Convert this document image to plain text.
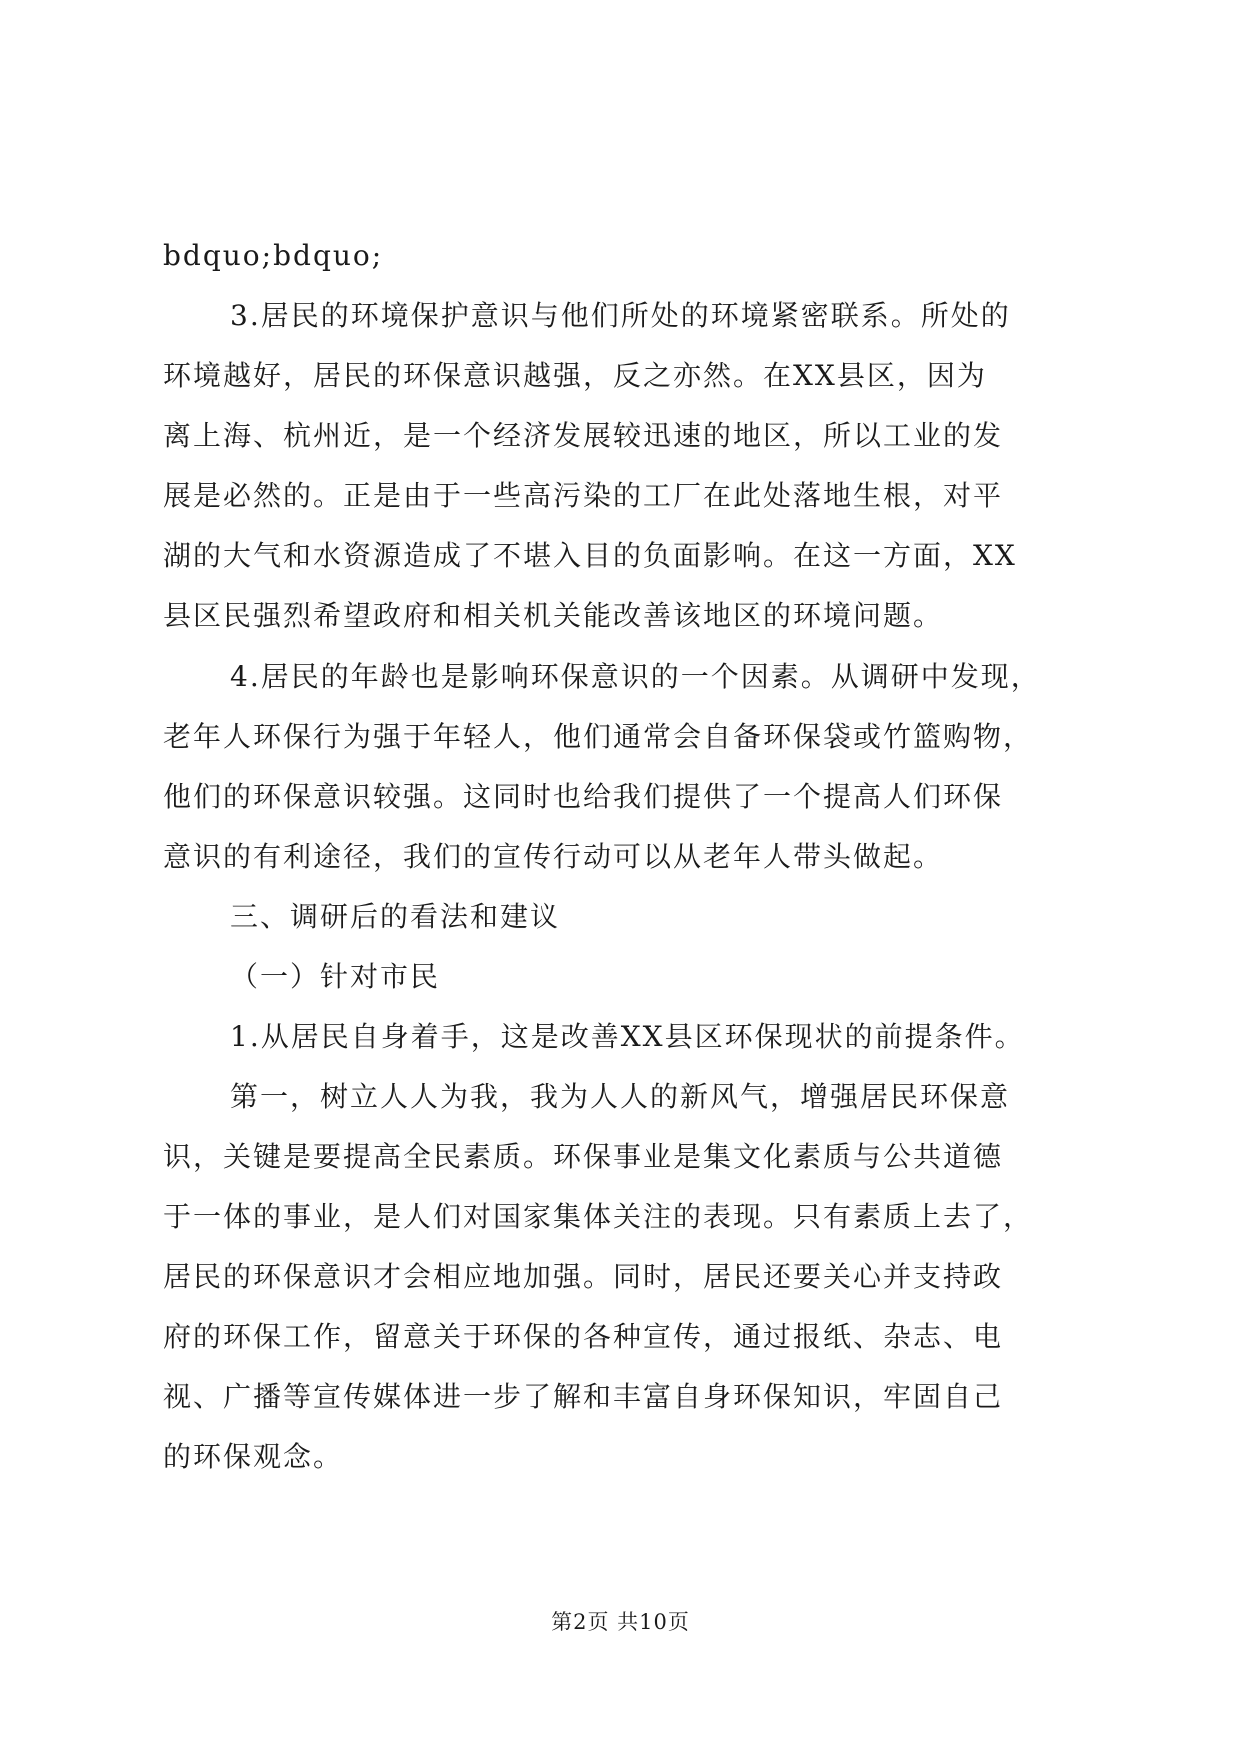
bdquo;bdquo;
3.居民的环境保护意识与他们所处的环境紧密联系。所处的
环境越好，居民的环保意识越强，反之亦然。在XX县区，因为
离上海、杭州近，是一个经济发展较迅速的地区，所以工业的发
展是必然的。正是由于一些高污染的工厂在此处落地生根，对平
湖的大气和水资源造成了不堪入目的负面影响。在这一方面，XX
县区民强烈希望政府和相关机关能改善该地区的环境问题。
4.居民的年龄也是影响环保意识的一个因素。从调研中发现，
老年人环保行为强于年轻人，他们通常会自备环保袋或竹篮购物，
他们的环保意识较强。这同时也给我们提供了一个提高人们环保
意识的有利途径，我们的宣传行动可以从老年人带头做起。
三、调研后的看法和建议
（一）针对市民
1.从居民自身着手，这是改善XX县区环保现状的前提条件。
第一，树立人人为我，我为人人的新风气，增强居民环保意
识，关键是要提高全民素质。环保事业是集文化素质与公共道德
于一体的事业，是人们对国家集体关注的表现。只有素质上去了，
居民的环保意识才会相应地加强。同时，居民还要关心并支持政
府的环保工作，留意关于环保的各种宣传，通过报纸、杂志、电
视、广播等宣传媒体进一步了解和丰富自身环保知识，牢固自己
的环保观念。
第2页 共10页
